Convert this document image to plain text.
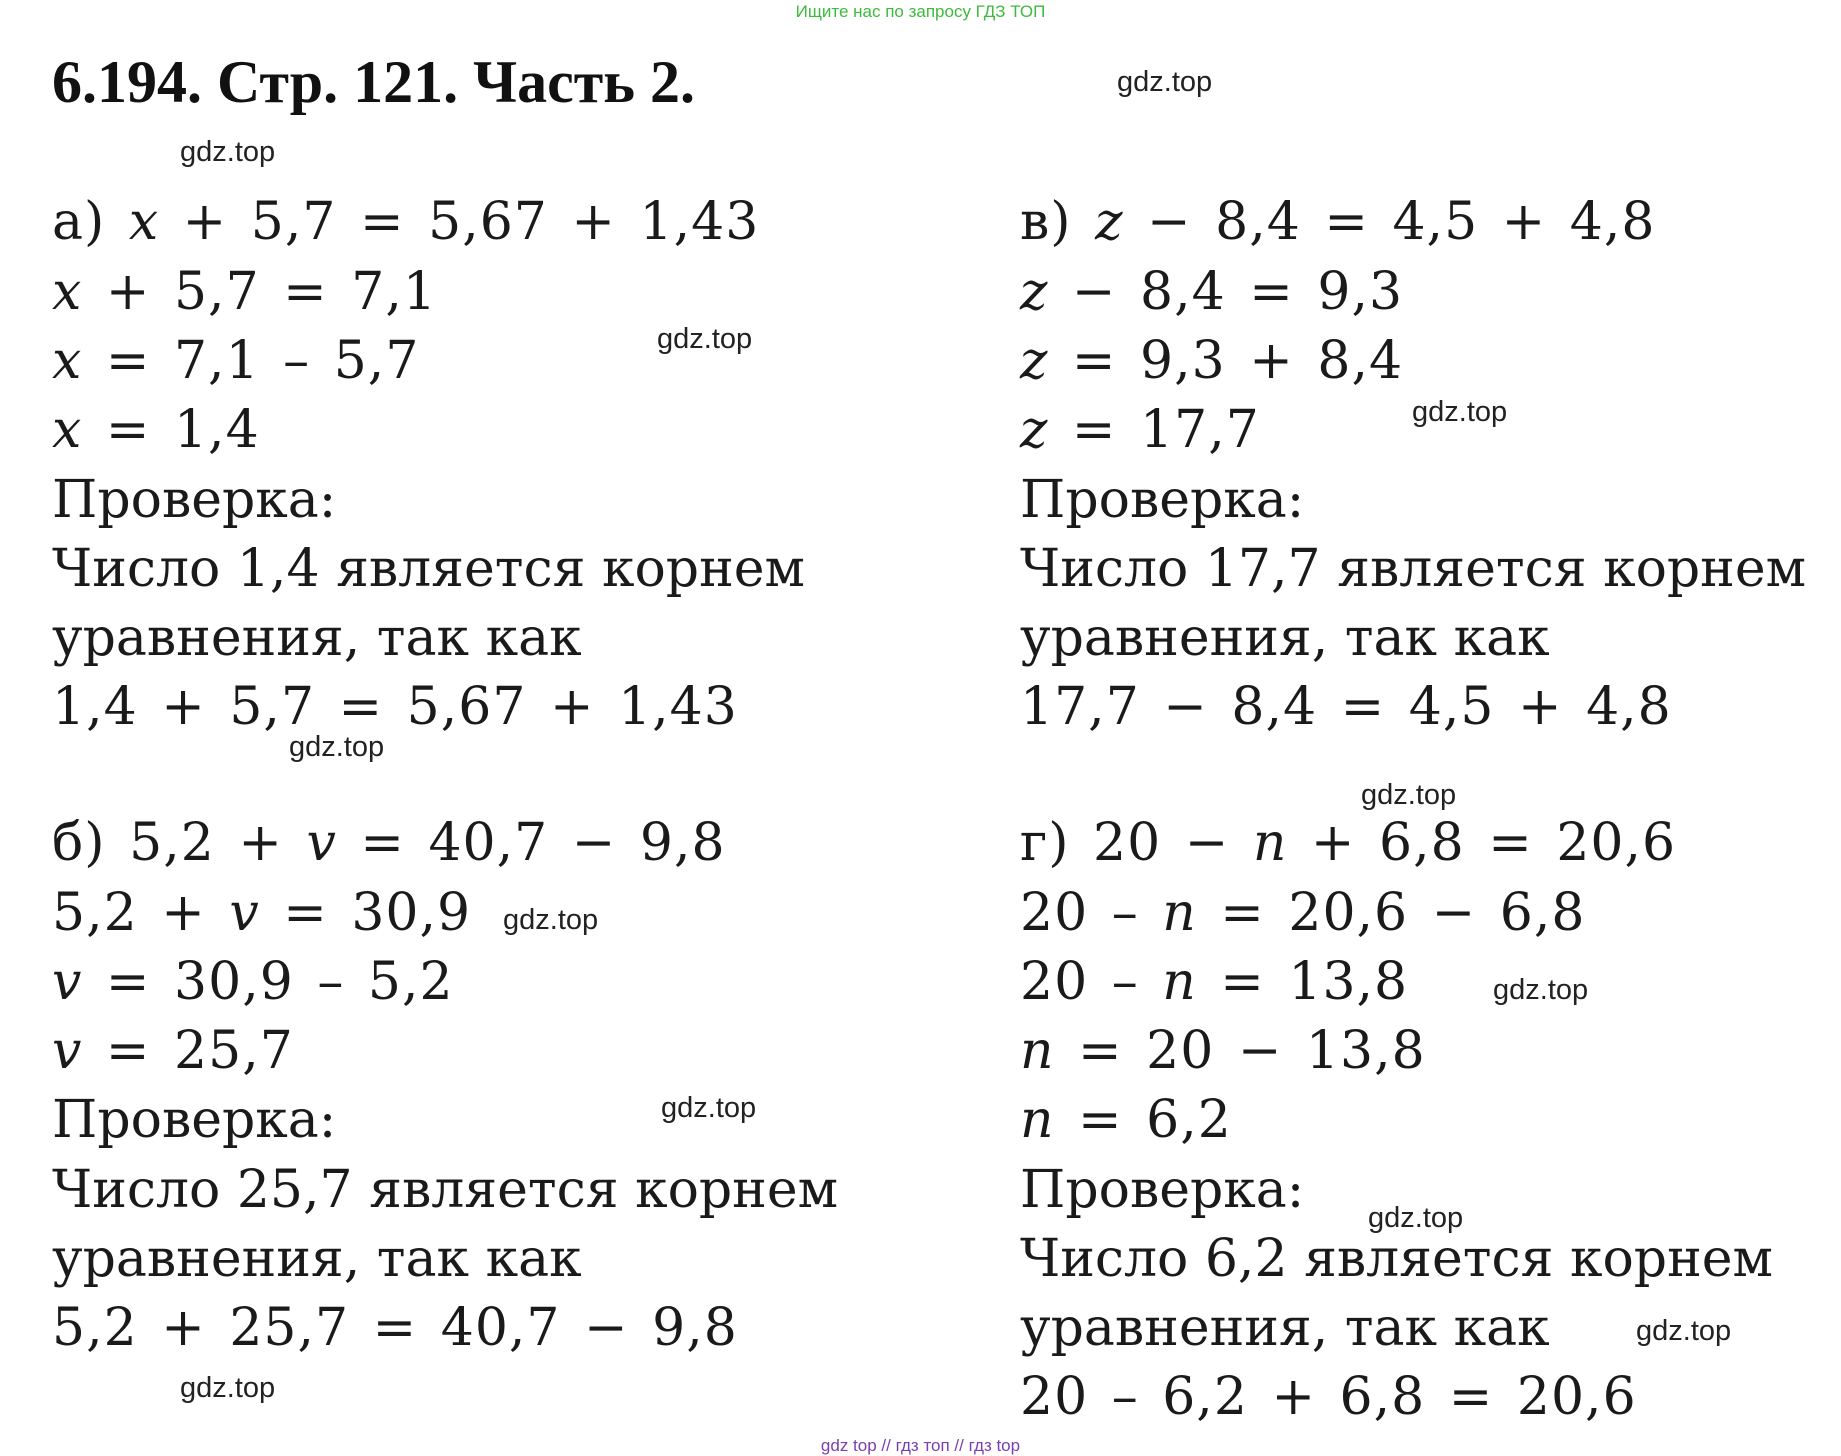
Ищите нас по запросу ГДЗ ТОП
6.194. Стр. 121. Часть 2.	gdz.top
gdz.top
gdz.top
gdz.top
gdz.top
gdz.top
gdz.top
gdz.top
gdz.top
gdz.top
gdz.top
gdz.top
а) x + 5,7 = 5,67 + 1,43
x + 5,7 = 7,1
x = 7,1 – 5,7
x = 1,4
Проверка:
Число 1,4 является корнем
уравнения, так как
1,4 + 5,7 = 5,67 + 1,43
б) 5,2 + v = 40,7 − 9,8
5,2 + v = 30,9
v = 30,9 – 5,2
v = 25,7
Проверка:
Число 25,7 является корнем
уравнения, так как
5,2 + 25,7 = 40,7 − 9,8
в) z − 8,4 = 4,5 + 4,8
z − 8,4 = 9,3
z = 9,3 + 8,4
z = 17,7
Проверка:
Число 17,7 является корнем
уравнения, так как
17,7 − 8,4 = 4,5 + 4,8
г) 20 − n + 6,8 = 20,6
20 – n = 20,6 − 6,8
20 – n = 13,8
n = 20 − 13,8
n = 6,2
Проверка:
Число 6,2 является корнем
уравнения, так как
20 – 6,2 + 6,8 = 20,6
gdz top // гдз топ // гдз top
